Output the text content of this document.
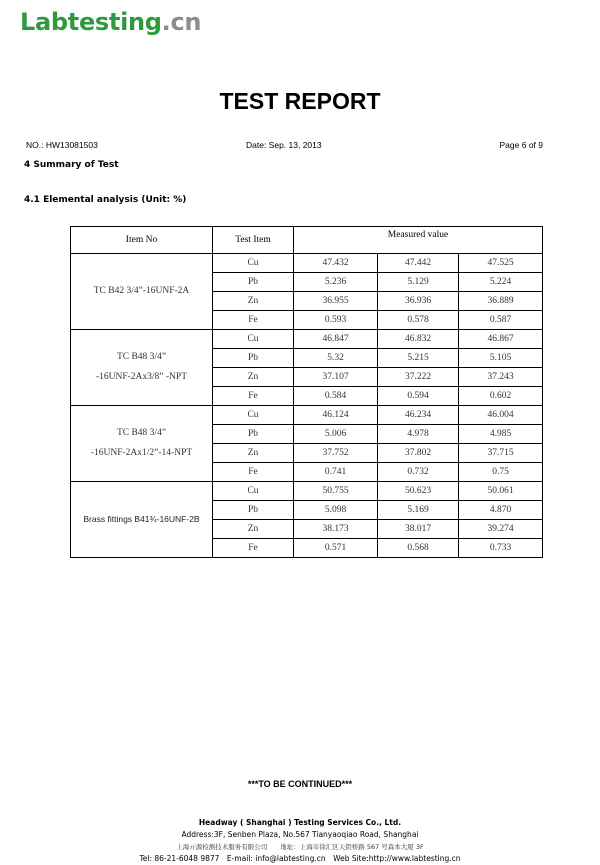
Labtesting.cn
TEST REPORT
NO.: HW13081503	Date: Sep. 13, 2013	Page 6 of 9
4 Summary of Test
4.1 Elemental analysis (Unit: %)
Item No	Test Item	Measured value		

TC B42 3/4”-16UNF-2A	Cu	47.432	47.442	47.525
	Pb	5.236	5.129	5.224
	Zn	36.955	36.936	36.889
	Fe	0.593	0.578	0.587

TC B48 3/4”
-16UNF-2Ax3/8” -NPT	Cu	46.847	46.832	46.867
	Pb	5.32	5.215	5.105
	Zn	37.107	37.222	37.243
	Fe	0.584	0.594	0.602

TC B48 3/4”
-16UNF-2Ax1/2”-14-NPT	Cu	46.124	46.234	46.004
	Pb	5.006	4.978	4.985
	Zn	37.752	37.802	37.715
	Fe	0.741	0.732	0.75

Brass fittings B41¾-16UNF-2B	Cu	50.755	50.623	50.061
	Pb	5.098	5.169	4.870
	Zn	38.173	38.017	39.274
	Fe	0.571	0.568	0.733
***TO BE CONTINUED***
Headway ( Shanghai ) Testing Services Co., Ltd.
Address:3F, Senben Plaza, No.567 Tianyaoqiao Road, Shanghai
上海亓源检测技术服务有限公司　　地址：上海市徐汇区天钥桥路 567 号森本大厦 3F
Tel: 86-21-6048 9877　E-mail: info@labtesting.cn　Web Site:http://www.labtesting.cn
